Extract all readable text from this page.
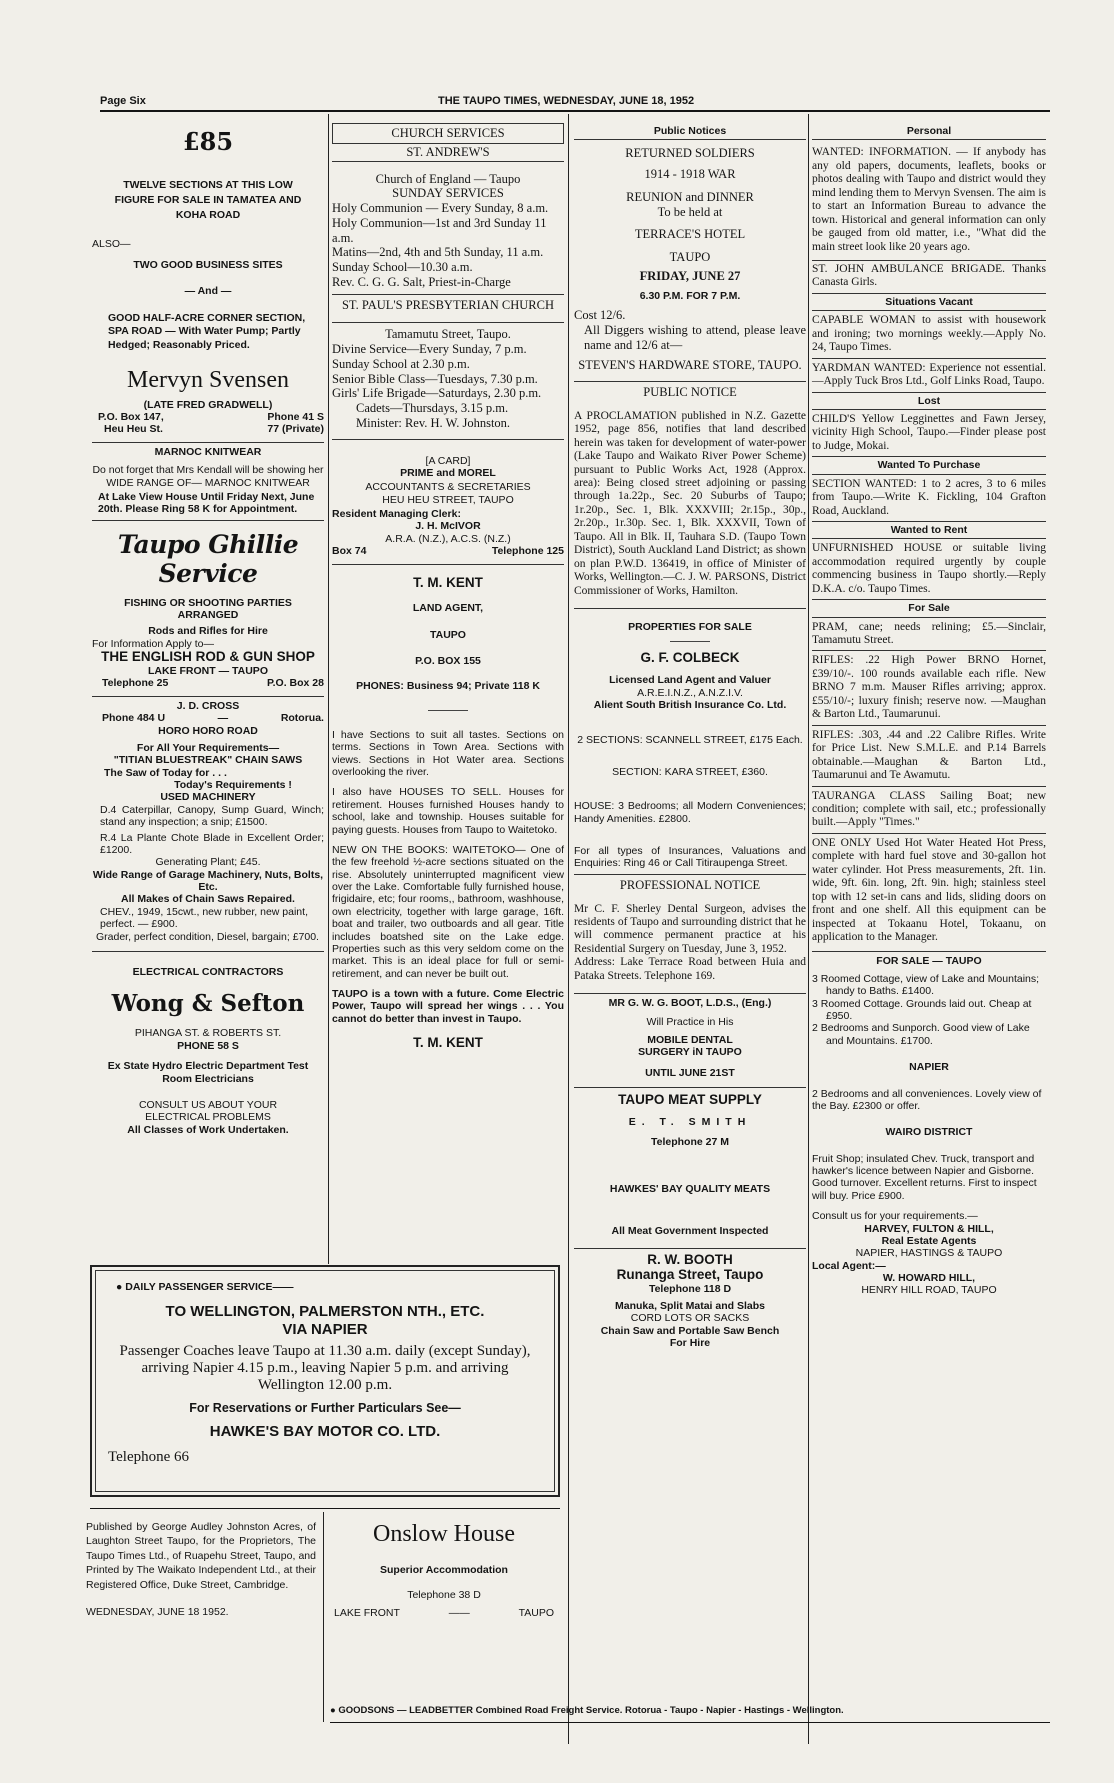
Page Six	THE TAUPO TIMES, WEDNESDAY, JUNE 18, 1952
£85
TWELVE SECTIONS AT THIS LOW FIGURE FOR SALE IN TAMATEA AND KOHA ROAD
ALSO—
TWO GOOD BUSINESS SITES
— And —
GOOD HALF-ACRE CORNER SECTION, SPA ROAD — With Water Pump; Partly Hedged; Reasonably Priced.
Mervyn Svensen
(LATE FRED GRADWELL)
P.O. Box 147,	Phone 41 S
Heu Heu St.	77 (Private)
MARNOC KNITWEAR
Do not forget that Mrs Kendall will be showing her WIDE RANGE OF— MARNOC KNITWEAR
At Lake View House Until Friday Next, June 20th. Please Ring 58 K for Appointment.
Taupo Ghillie Service
FISHING OR SHOOTING PARTIES ARRANGED
Rods and Rifles for Hire
For Information Apply to—
THE ENGLISH ROD & GUN SHOP
LAKE FRONT — TAUPO
Telephone 25	P.O. Box 28
J. D. CROSS
Phone 484 U	—	Rotorua.
HORO HORO ROAD
For All Your Requirements—
"TITIAN BLUESTREAK" CHAIN SAWS
The Saw of Today for . . .
Today's Requirements !
USED MACHINERY
D.4 Caterpillar, Canopy, Sump Guard, Winch; stand any inspection; a snip; £1500.
R.4 La Plante Chote Blade in Excellent Order; £1200.
Generating Plant; £45.
Wide Range of Garage Machinery, Nuts, Bolts, Etc.
All Makes of Chain Saws Repaired.
CHEV., 1949, 15cwt., new rubber, new paint, perfect. — £900.
Grader, perfect condition, Diesel, bargain; £700.
ELECTRICAL CONTRACTORS
Wong & Sefton
PIHANGA ST. & ROBERTS ST.
PHONE 58 S
Ex State Hydro Electric Department Test Room Electricians
CONSULT US ABOUT YOUR ELECTRICAL PROBLEMS
All Classes of Work Undertaken.
CHURCH SERVICES
ST. ANDREW'S
Church of England — Taupo
SUNDAY SERVICES
Holy Communion — Every Sunday, 8 a.m.
Holy Communion—1st and 3rd Sunday 11 a.m.
Matins—2nd, 4th and 5th Sunday, 11 a.m.
Sunday School—10.30 a.m.
Rev. C. G. G. Salt, Priest-in-Charge
ST. PAUL'S PRESBYTERIAN CHURCH
Tamamutu Street, Taupo.
Divine Service—Every Sunday, 7 p.m.
Sunday School at 2.30 p.m.
Senior Bible Class—Tuesdays, 7.30 p.m.
Girls' Life Brigade—Saturdays, 2.30 p.m.
Cadets—Thursdays, 3.15 p.m.
Minister: Rev. H. W. Johnston.
[A CARD]
PRIME and MOREL
ACCOUNTANTS & SECRETARIES
HEU HEU STREET, TAUPO
Resident Managing Clerk:
J. H. McIVOR
A.R.A. (N.Z.), A.C.S. (N.Z.)
Box 74	Telephone 125
T. M. KENT
LAND AGENT,
TAUPO
P.O. BOX 155
PHONES: Business 94; Private 118 K
I have Sections to suit all tastes. Sections on terms. Sections in Town Area. Sections with views. Sections in Hot Water area. Sections overlooking the river.
I also have HOUSES TO SELL. Houses for retirement. Houses furnished Houses handy to school, lake and township. Houses suitable for paying guests. Houses from Taupo to Waitetoko.
NEW ON THE BOOKS: WAITETOKO— One of the few freehold ½-acre sections situated on the rise. Absolutely uninterrupted magnificent view over the Lake. Comfortable fully furnished house, frigidaire, etc; four rooms,, bathroom, washhouse, own electricity, together with large garage, 16ft. boat and trailer, two outboards and all gear. Title includes boatshed site on the Lake edge. Properties such as this very seldom come on the market. This is an ideal place for full or semi-retirement, and can never be built out.
TAUPO is a town with a future. Come Electric Power, Taupo will spread her wings . . . You cannot do better than invest in Taupo.
T. M. KENT
Public Notices
RETURNED SOLDIERS
1914 - 1918 WAR
REUNION and DINNER
To be held at
TERRACE'S HOTEL
TAUPO
FRIDAY, JUNE 27
6.30 P.M. FOR 7 P.M.
Cost 12/6.
All Diggers wishing to attend, please leave name and 12/6 at—
STEVEN'S HARDWARE STORE, TAUPO.
PUBLIC NOTICE
A PROCLAMATION published in N.Z. Gazette 1952, page 856, notifies that land described herein was taken for development of water-power (Lake Taupo and Waikato River Power Scheme) pursuant to Public Works Act, 1928 (Approx. area): Being closed street adjoining or passing through 1a.22p., Sec. 20 Suburbs of Taupo; 1r.20p., Sec. 1, Blk. XXXVIII; 2r.15p., 30p., 2r.20p., 1r.30p. Sec. 1, Blk. XXXVII, Town of Taupo. All in Blk. II, Tauhara S.D. (Taupo Town District), South Auckland Land District; as shown on plan P.W.D. 136419, in office of Minister of Works, Wellington.—C. J. W. PARSONS, District Commissioner of Works, Hamilton.
PROPERTIES FOR SALE
G. F. COLBECK
Licensed Land Agent and Valuer
A.R.E.I.N.Z., A.N.Z.I.V.
Alient South British Insurance Co. Ltd.
2 SECTIONS: SCANNELL STREET, £175 Each.
SECTION: KARA STREET, £360.
HOUSE: 3 Bedrooms; all Modern Conveniences; Handy Amenities. £2800.
For all types of Insurances, Valuations and Enquiries: Ring 46 or Call Titiraupenga Street.
PROFESSIONAL NOTICE
Mr C. F. Sherley Dental Surgeon, advises the residents of Taupo and surrounding district that he will commence permanent practice at his Residential Surgery on Tuesday, June 3, 1952.
Address: Lake Terrace Road between Huia and Pataka Streets. Telephone 169.
MR G. W. G. BOOT, L.D.S., (Eng.)
Will Practice in His
MOBILE DENTAL SURGERY iN TAUPO
UNTIL JUNE 21ST
TAUPO MEAT SUPPLY
E. T. SMITH
Telephone 27 M
HAWKES' BAY QUALITY MEATS
All Meat Government Inspected
R. W. BOOTH
Runanga Street, Taupo
Telephone 118 D
Manuka, Split Matai and Slabs
CORD LOTS OR SACKS
Chain Saw and Portable Saw Bench
For Hire
Personal

WANTED: INFORMATION. — If anybody has any old papers, documents, leaflets, books or photos dealing with Taupo and district would they mind lending them to Mervyn Svensen. The aim is to start an Information Bureau to advance the town. Historical and general information can only be gauged from old matter, i.e., "What did the main street look like 20 years ago.

ST. JOHN AMBULANCE BRIGADE. Thanks Canasta Girls.

Situations Vacant

CAPABLE WOMAN to assist with housework and ironing; two mornings weekly.—Apply No. 24, Taupo Times.

YARDMAN WANTED: Experience not essential.—Apply Tuck Bros Ltd., Golf Links Road, Taupo.

Lost

CHILD'S Yellow Legginettes and Fawn Jersey, vicinity High School, Taupo.—Finder please post to Judge, Mokai.

Wanted To Purchase

SECTION WANTED: 1 to 2 acres, 3 to 6 miles from Taupo.—Write K. Fickling, 104 Grafton Road, Auckland.

Wanted to Rent

UNFURNISHED HOUSE or suitable living accommodation required urgently by couple commencing business in Taupo shortly.—Reply D.K.A. c/o. Taupo Times.

For Sale

PRAM, cane; needs relining; £5.—Sinclair, Tamamutu Street.

RIFLES: .22 High Power BRNO Hornet, £39/10/-. 100 rounds available each rifle. New BRNO 7 m.m. Mauser Rifles arriving; approx. £55/10/-; luxury finish; reserve now. —Maughan & Barton Ltd., Taumarunui.

RIFLES: .303, .44 and .22 Calibre Rifles. Write for Price List. New S.M.L.E. and P.14 Barrels obtainable.—Maughan & Barton Ltd., Taumarunui and Te Awamutu.

TAURANGA CLASS Sailing Boat; new condition; complete with sail, etc.; professionally built.—Apply "Times."

ONE ONLY Used Hot Water Heated Hot Press, complete with hard fuel stove and 30-gallon hot water cylinder. Hot Press measurements, 2ft. 1in. wide, 9ft. 6in. long, 2ft. 9in. high; stainless steel top with 12 set-in cans and lids, sliding doors on front and one shelf. All this equipment can be inspected at Tokaanu Hotel, Tokaanu, on application to the Manager.

FOR SALE — TAUPO
3 Roomed Cottage, view of Lake and Mountains; handy to Baths. £1400.
3 Roomed Cottage. Grounds laid out. Cheap at £950.
2 Bedrooms and Sunporch. Good view of Lake and Mountains. £1700.
NAPIER
2 Bedrooms and all conveniences. Lovely view of the Bay. £2300 or offer.
WAIRO DISTRICT
Fruit Shop; insulated Chev. Truck, transport and hawker's licence between Napier and Gisborne. Good turnover. Excellent returns. First to inspect will buy. Price £900.
Consult us for your requirements.—
HARVEY, FULTON & HILL,
Real Estate Agents
NAPIER, HASTINGS & TAUPO
Local Agent:—
W. HOWARD HILL,
HENRY HILL ROAD, TAUPO
● DAILY PASSENGER SERVICE——
TO WELLINGTON, PALMERSTON NTH., ETC.
VIA NAPIER
Passenger Coaches leave Taupo at 11.30 a.m. daily (except Sunday), arriving Napier 4.15 p.m., leaving Napier 5 p.m. and arriving Wellington 12.00 p.m.
For Reservations or Further Particulars See—
HAWKE'S BAY MOTOR CO. LTD.
Telephone 66
Published by George Audley Johnston Acres, of Laughton Street Taupo, for the Proprietors, The Taupo Times Ltd., of Ruapehu Street, Taupo, and Printed by The Waikato Independent Ltd., at their Registered Office, Duke Street, Cambridge.
WEDNESDAY, JUNE 18 1952.
Onslow House
Superior Accommodation
Telephone 38 D
LAKE FRONT	——	TAUPO
● GOODSONS — LEADBETTER Combined Road Freight Service. Rotorua - Taupo - Napier - Hastings - Wellington.
